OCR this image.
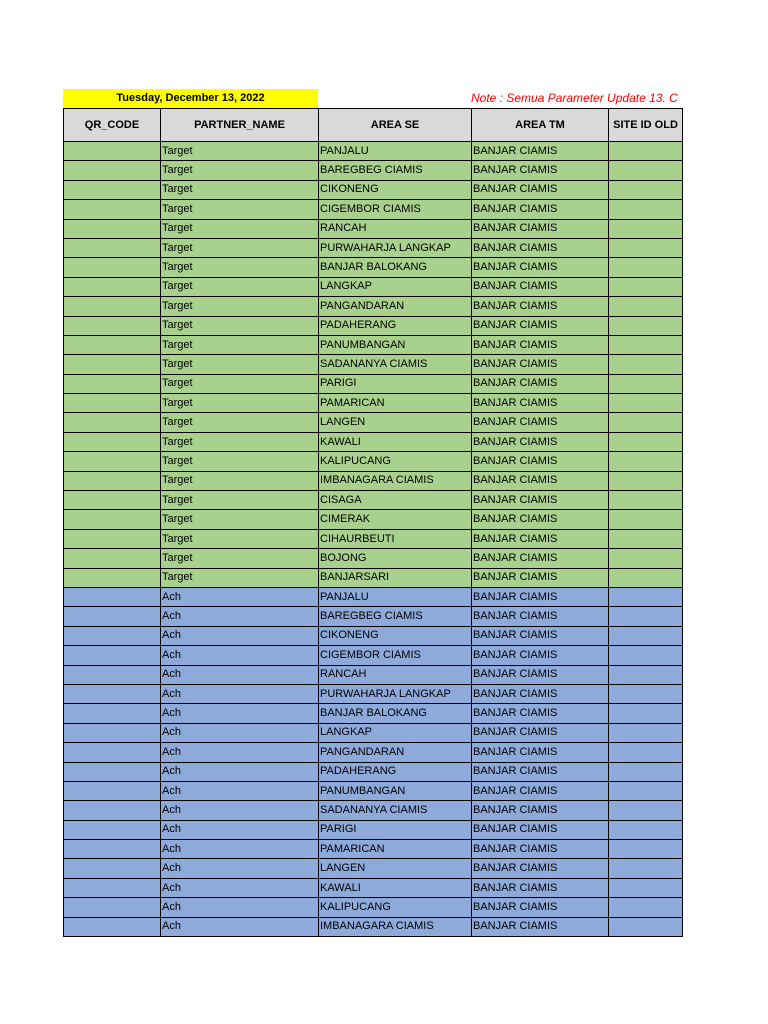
Tuesday, December 13, 2022	Note : Semua Parameter Update 13. C
QR_CODE	PARTNER_NAME	AREA SE	AREA TM	SITE ID OLD
	Target	PANJALU	BANJAR CIAMIS	
	Target	BAREGBEG CIAMIS	BANJAR CIAMIS	
	Target	CIKONENG	BANJAR CIAMIS	
	Target	CIGEMBOR CIAMIS	BANJAR CIAMIS	
	Target	RANCAH	BANJAR CIAMIS	
	Target	PURWAHARJA LANGKAP	BANJAR CIAMIS	
	Target	BANJAR BALOKANG	BANJAR CIAMIS	
	Target	LANGKAP	BANJAR CIAMIS	
	Target	PANGANDARAN	BANJAR CIAMIS	
	Target	PADAHERANG	BANJAR CIAMIS	
	Target	PANUMBANGAN	BANJAR CIAMIS	
	Target	SADANANYA CIAMIS	BANJAR CIAMIS	
	Target	PARIGI	BANJAR CIAMIS	
	Target	PAMARICAN	BANJAR CIAMIS	
	Target	LANGEN	BANJAR CIAMIS	
	Target	KAWALI	BANJAR CIAMIS	
	Target	KALIPUCANG	BANJAR CIAMIS	
	Target	IMBANAGARA CIAMIS	BANJAR CIAMIS	
	Target	CISAGA	BANJAR CIAMIS	
	Target	CIMERAK	BANJAR CIAMIS	
	Target	CIHAURBEUTI	BANJAR CIAMIS	
	Target	BOJONG	BANJAR CIAMIS	
	Target	BANJARSARI	BANJAR CIAMIS	
	Ach	PANJALU	BANJAR CIAMIS	
	Ach	BAREGBEG CIAMIS	BANJAR CIAMIS	
	Ach	CIKONENG	BANJAR CIAMIS	
	Ach	CIGEMBOR CIAMIS	BANJAR CIAMIS	
	Ach	RANCAH	BANJAR CIAMIS	
	Ach	PURWAHARJA LANGKAP	BANJAR CIAMIS	
	Ach	BANJAR BALOKANG	BANJAR CIAMIS	
	Ach	LANGKAP	BANJAR CIAMIS	
	Ach	PANGANDARAN	BANJAR CIAMIS	
	Ach	PADAHERANG	BANJAR CIAMIS	
	Ach	PANUMBANGAN	BANJAR CIAMIS	
	Ach	SADANANYA CIAMIS	BANJAR CIAMIS	
	Ach	PARIGI	BANJAR CIAMIS	
	Ach	PAMARICAN	BANJAR CIAMIS	
	Ach	LANGEN	BANJAR CIAMIS	
	Ach	KAWALI	BANJAR CIAMIS	
	Ach	KALIPUCANG	BANJAR CIAMIS	
	Ach	IMBANAGARA CIAMIS	BANJAR CIAMIS	
